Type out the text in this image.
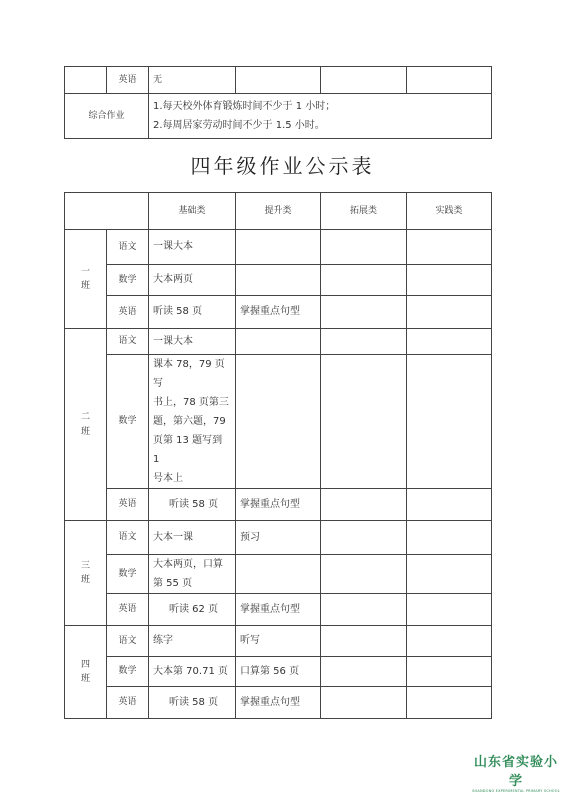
	英语	无			
综合作业		1.每天校外体育锻炼时间不少于 1 小时；
2.每周居家劳动时间不少于 1.5 小时。			
四年级作业公示表
		基础类	提升类	拓展类	实践类

一
班	语文	一课大本			
	数学	大本两页			
	英语	听读 58 页	掌握重点句型		

二
班	语文	一课大本			
	数学	课本 78，79 页写
书上，78 页第三
题，第六题，79
页第 13 题写到 1
号本上			

	英语	听读 58 页	掌握重点句型		

三
班	语文	大本一课	预习		
	数学	大本两页，口算
第 55 页			

	英语	听读 62 页	掌握重点句型		

四
班	语文	练字	听写		
	数学	大本第 70.71 页	口算第 56 页		
	英语	听读 58 页	掌握重点句型		
山东省实验小学
SHANDONG EXPERIMENTAL PRIMARY SCHOOL
